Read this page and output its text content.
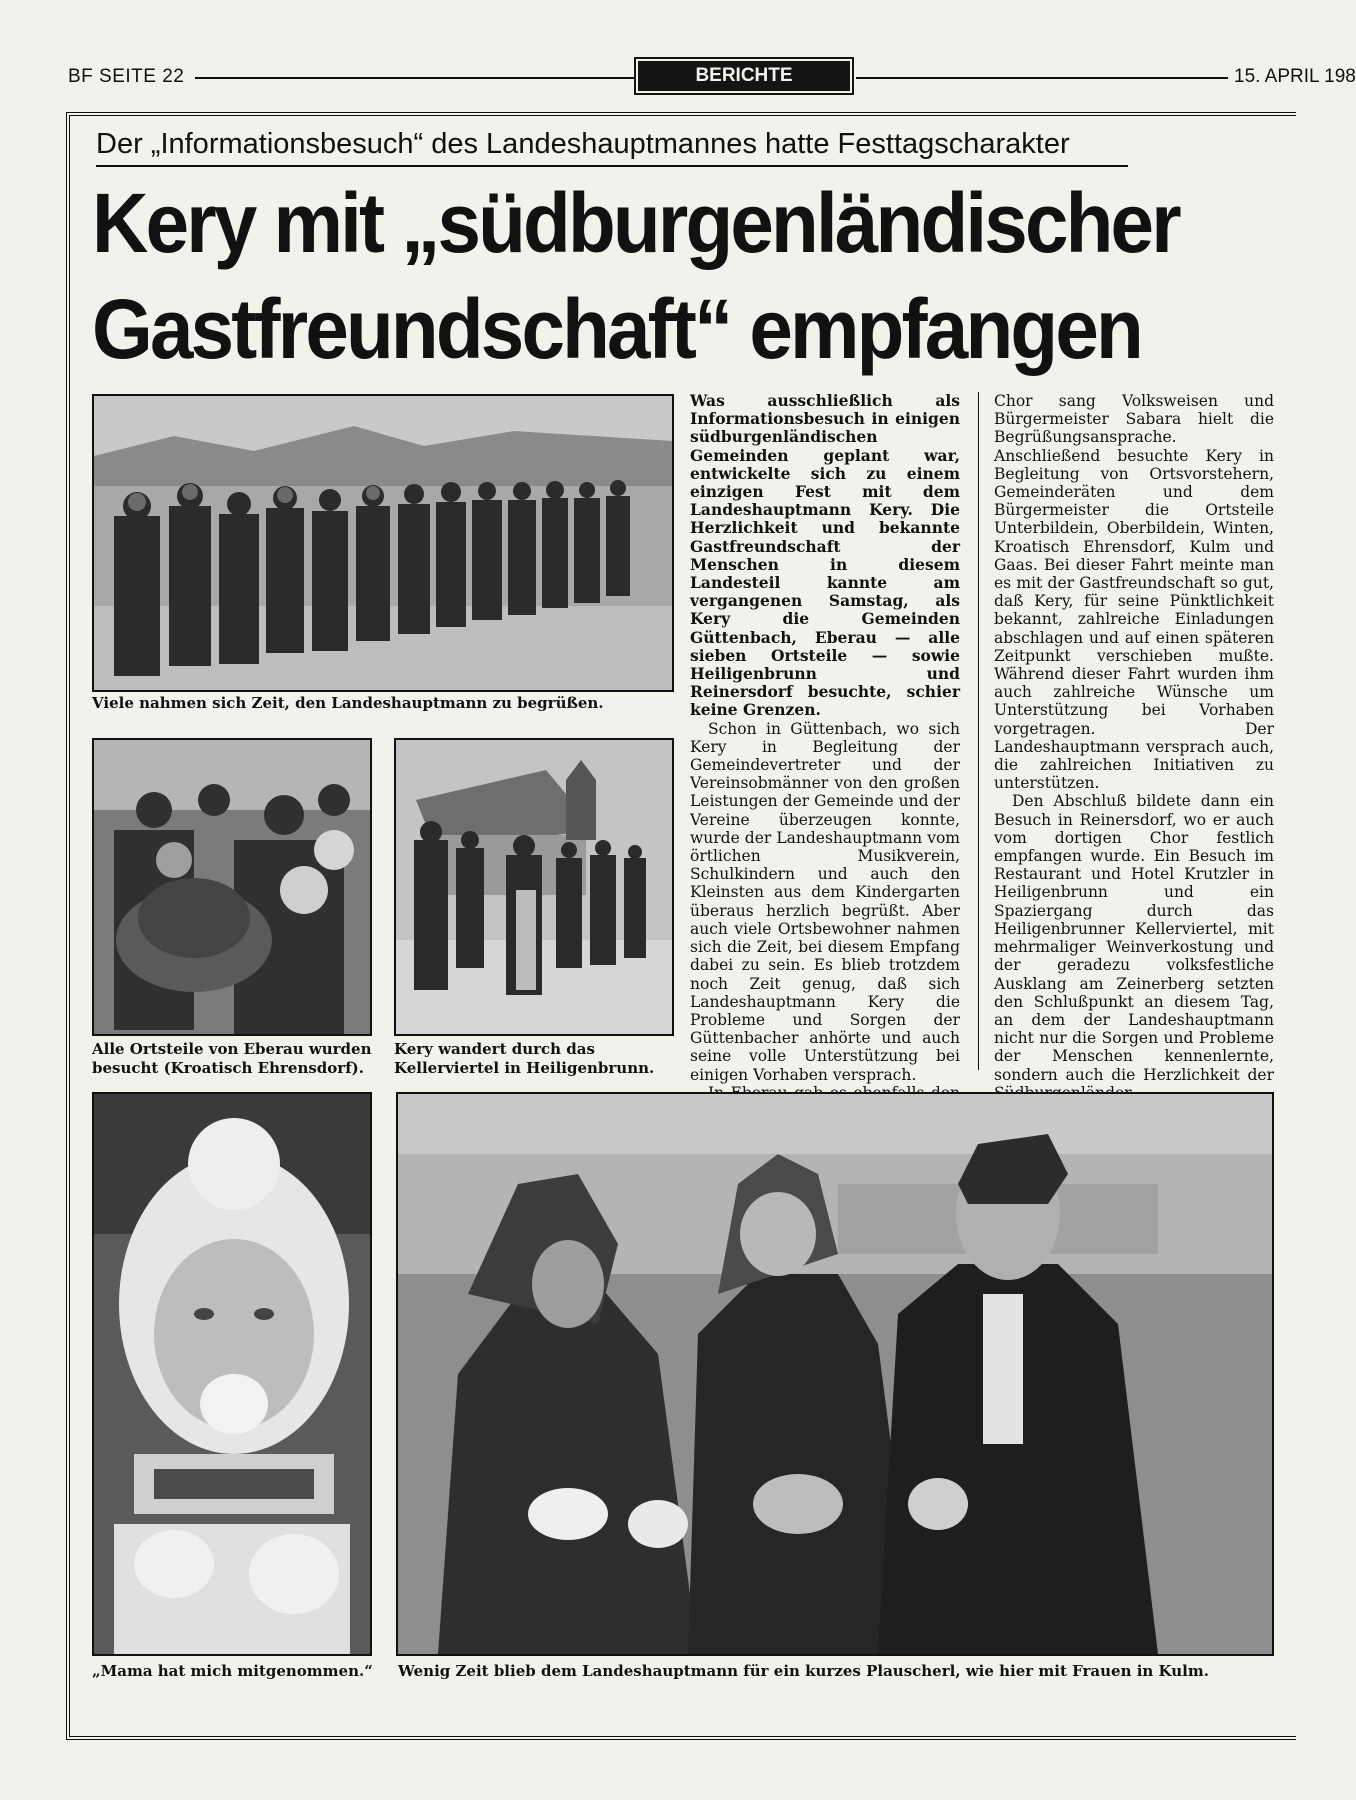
BF SEITE 22	BERICHTE	15. APRIL 198
Der „Informationsbesuch“ des Landeshauptmannes hatte Festtagscharakter
Kery mit „südburgenländischer
Gastfreundschaft“ empfangen
Viele nahmen sich Zeit, den Landeshauptmann zu begrüßen.
Alle Ortsteile von Eberau wurden besucht (Kroatisch Ehrensdorf).
Kery wandert durch das Kellerviertel in Heiligenbrunn.

Was ausschließlich als Informationsbesuch in einigen südburgenländischen Gemeinden geplant war, entwickelte sich zu einem einzigen Fest mit dem Landeshauptmann Kery. Die Herzlichkeit und bekannte Gastfreundschaft der Menschen in diesem Landesteil kannte am vergangenen Samstag, als Kery die Gemeinden Güttenbach, Eberau — alle sieben Ortsteile — sowie Heiligenbrunn und Reinersdorf besuchte, schier keine Grenzen.

Schon in Güttenbach, wo sich Kery in Begleitung der Gemeindevertreter und der Vereinsobmänner von den großen Leistungen der Gemeinde und der Vereine überzeugen konnte, wurde der Landeshauptmann vom örtlichen Musikverein, Schulkindern und auch den Kleinsten aus dem Kindergarten überaus herzlich begrüßt. Aber auch viele Ortsbewohner nahmen sich die Zeit, bei diesem Empfang dabei zu sein. Es blieb trotzdem noch Zeit genug, daß sich Landeshauptmann Kery die Probleme und Sorgen der Güttenbacher anhörte und auch seine volle Unterstützung bei einigen Vorhaben versprach.

Chor sang Volksweisen und Bürgermeister Sabara hielt die Begrüßungsansprache. Anschließend besuchte Kery in Begleitung von Ortsvorstehern, Gemeinderäten und dem Bürgermeister die Ortsteile Unterbildein, Oberbildein, Winten, Kroatisch Ehrensdorf, Kulm und Gaas. Bei dieser Fahrt meinte man es mit der Gastfreundschaft so gut, daß Kery, für seine Pünktlichkeit bekannt, zahlreiche Einladungen abschlagen und auf einen späteren Zeitpunkt verschieben mußte. Während dieser Fahrt wurden ihm auch zahlreiche Wünsche um Unterstützung bei Vorhaben vorgetragen. Der Landeshauptmann versprach auch, die zahlreichen Initiativen zu unterstützen.

Den Abschluß bildete dann ein Besuch in Reinersdorf, wo er auch vom dortigen Chor festlich empfangen wurde. Ein Besuch im Restaurant und Hotel Krutzler in Heiligenbrunn und ein Spaziergang durch das Heiligenbrunner Kellerviertel, mit mehrmaliger Weinverkostung und der geradezu volksfestliche Ausklang am Zeinerberg setzten den Schlußpunkt an diesem Tag, an dem der Landeshauptmann nicht nur die Sorgen und Probleme der Menschen kennenlernte, sondern auch die Herzlichkeit der

„Mama hat mich mitgenommen.“	Wenig Zeit blieb dem Landeshauptmann für ein kurzes Plauscherl, wie hier mit Frauen in Kulm.
